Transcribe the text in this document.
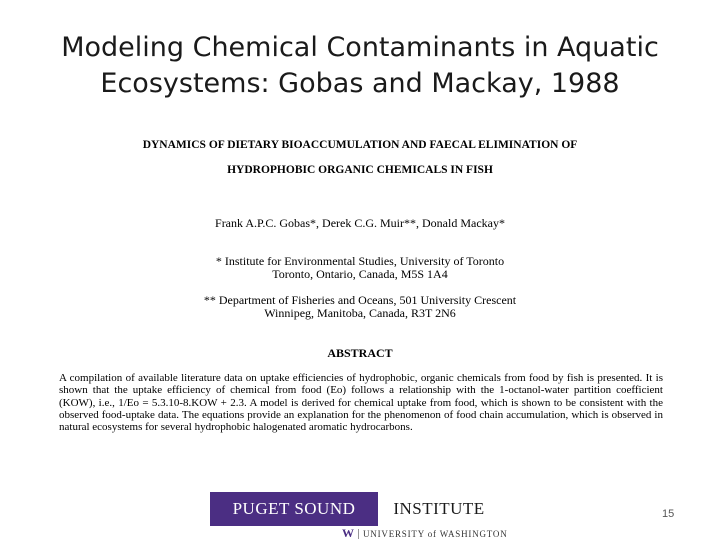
Modeling Chemical Contaminants in Aquatic
Ecosystems: Gobas and Mackay, 1988
DYNAMICS OF DIETARY BIOACCUMULATION AND FAECAL ELIMINATION OF
HYDROPHOBIC ORGANIC CHEMICALS IN FISH
Frank A.P.C. Gobas*, Derek C.G. Muir**, Donald Mackay*
* Institute for Environmental Studies, University of Toronto
Toronto, Ontario, Canada, M5S 1A4
** Department of Fisheries and Oceans, 501 University Crescent
Winnipeg, Manitoba, Canada, R3T 2N6
ABSTRACT

A compilation of available literature data on uptake efficiencies of hydrophobic, organic chemicals from food by fish is presented. It is shown that the uptake efficiency of chemical from food (Eo) follows a relationship with the 1-octanol-water partition coefficient (KOW), i.e., 1/Eo = 5.3.10-8.KOW + 2.3. A model is derived for chemical uptake from food, which is shown to be consistent with the observed food-uptake data. The equations provide an explanation for the phenomenon of food chain accumulation, which is observed in natural ecosystems for several hydrophobic halogenated aromatic hydrocarbons.

PUGET SOUND	INSTITUTE
W UNIVERSITY of WASHINGTON
15
